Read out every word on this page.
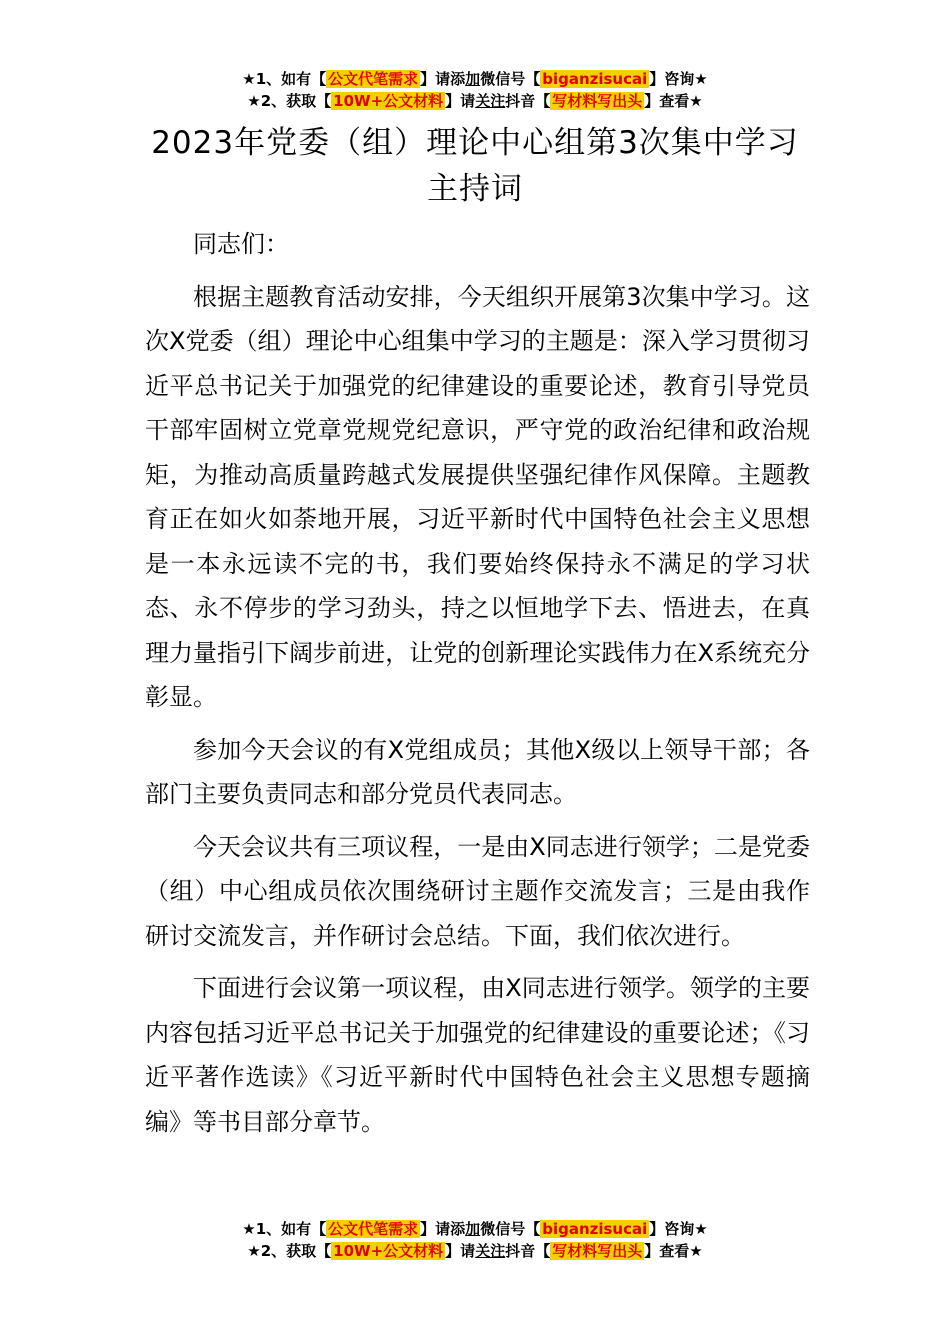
★1、如有【 公文代笔需求 】请添加微信号【 biganzisucai 】咨询★
★2、获取【 10W+公文材料 】请关注抖音【 写材料写出头 】查看★
2023年党委（组）理论中心组第3次集中学习主持词

同志们：

根据主题教育活动安排，今天组织开展第3次集中学习。这次X党委（组）理论中心组集中学习的主题是：深入学习贯彻习近平总书记关于加强党的纪律建设的重要论述，教育引导党员干部牢固树立党章党规党纪意识，严守党的政治纪律和政治规矩，为推动高质量跨越式发展提供坚强纪律作风保障。主题教育正在如火如荼地开展，习近平新时代中国特色社会主义思想是一本永远读不完的书，我们要始终保持永不满足的学习状态、永不停步的学习劲头，持之以恒地学下去、悟进去，在真理力量指引下阔步前进，让党的创新理论实践伟力在X系统充分彰显。

参加今天会议的有X党组成员；其他X级以上领导干部；各部门主要负责同志和部分党员代表同志。

今天会议共有三项议程，一是由X同志进行领学；二是党委（组）中心组成员依次围绕研讨主题作交流发言；三是由我作研讨交流发言，并作研讨会总结。下面，我们依次进行。

下面进行会议第一项议程，由X同志进行领学。领学的主要内容包括习近平总书记关于加强党的纪律建设的重要论述；《习近平著作选读》《习近平新时代中国特色社会主义思想专题摘编》等书目部分章节。

★1、如有【 公文代笔需求 】请添加微信号【 biganzisucai 】咨询★
★2、获取【 10W+公文材料 】请关注抖音【 写材料写出头 】查看★
